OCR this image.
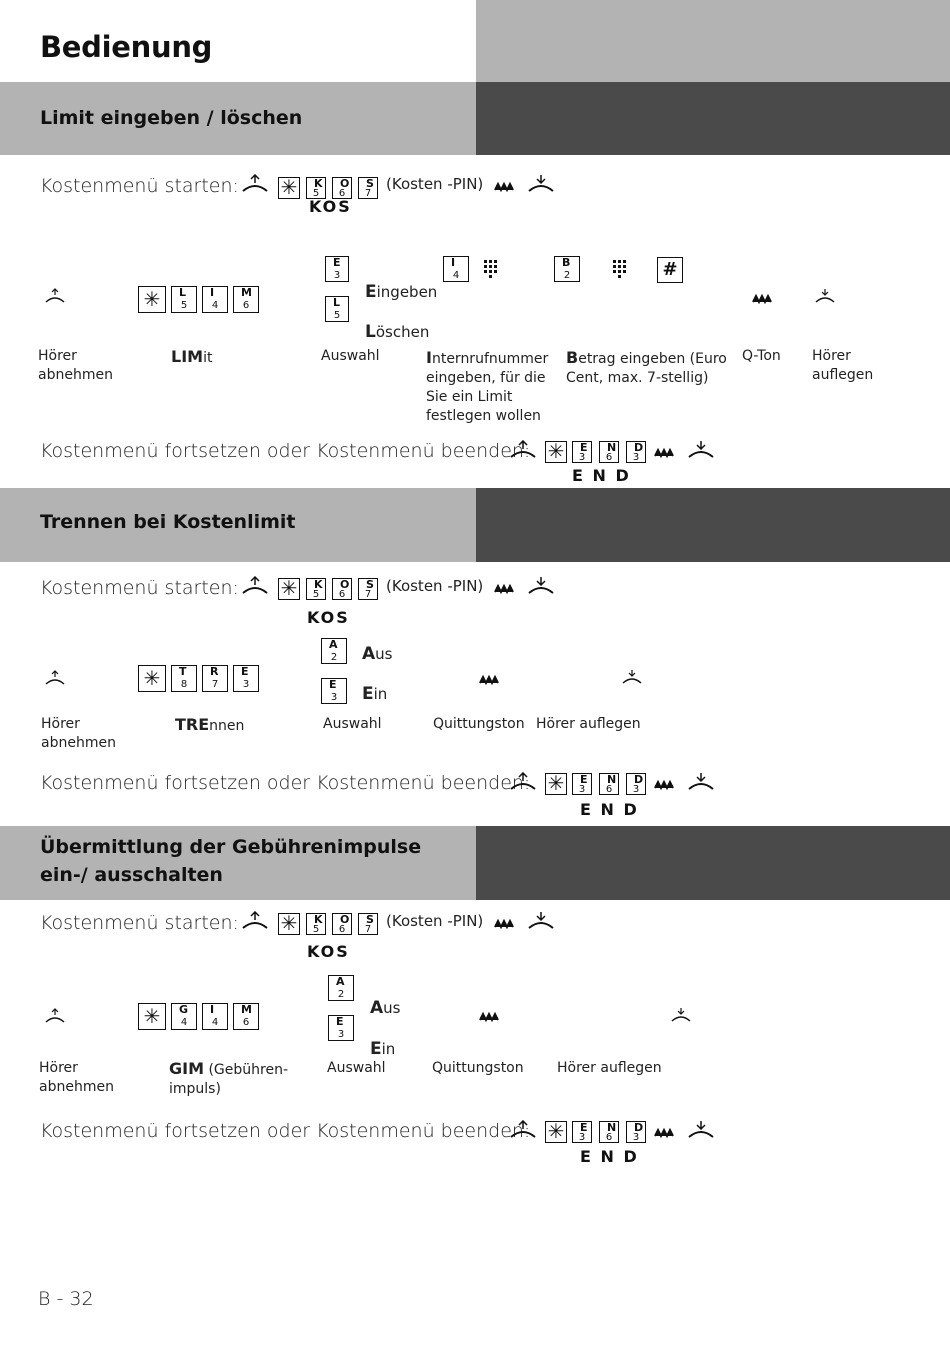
Bedienung
Limit eingeben / löschen
Kostenmenü starten: ✳ K
5
O
6
S
7
(Kosten -PIN)
KOS
✳	L
5
I
4
M
6
E
3
L
5
Eingeben
Löschen
I
4
B
2	#
Hörer abnehmen
LIMit	Auswahl	Internrufnummer eingeben, für die Sie ein Limit festlegen wollen
Betrag eingeben (Euro Cent, max. 7-stellig)
Q-Ton Hörer auflegen
Kostenmenü fortsetzen oder Kostenmenü beenden: ✳ E
3
N
6
D
3
E N D
Trennen bei Kostenlimit
Kostenmenü starten: ✳ K
5
O
6
S
7 (Kosten -PIN)
KOS
✳	T
8
R
7
E
3
A
2
E
3
Aus
Ein
Hörer abnehmen
TREnnen	Auswahl	Quittungston Hörer auflegen
Kostenmenü fortsetzen oder Kostenmenü beenden: ✳ E
3
N
6
D
3
E N D
Übermittlung der Gebührenimpulse ein-/ ausschalten
Kostenmenü starten: ✳ K
5
O
6
S
7 (Kosten -PIN)
KOS
✳	G
4
I
4
M
6
A
2
E
3
Aus
Ein
Hörer abnehmen
GIM (Gebühren-impuls)
Auswahl	Quittungston Hörer auflegen
Kostenmenü fortsetzen oder Kostenmenü beenden: ✳ E
3
N
6
D
3
E N D
B - 32
